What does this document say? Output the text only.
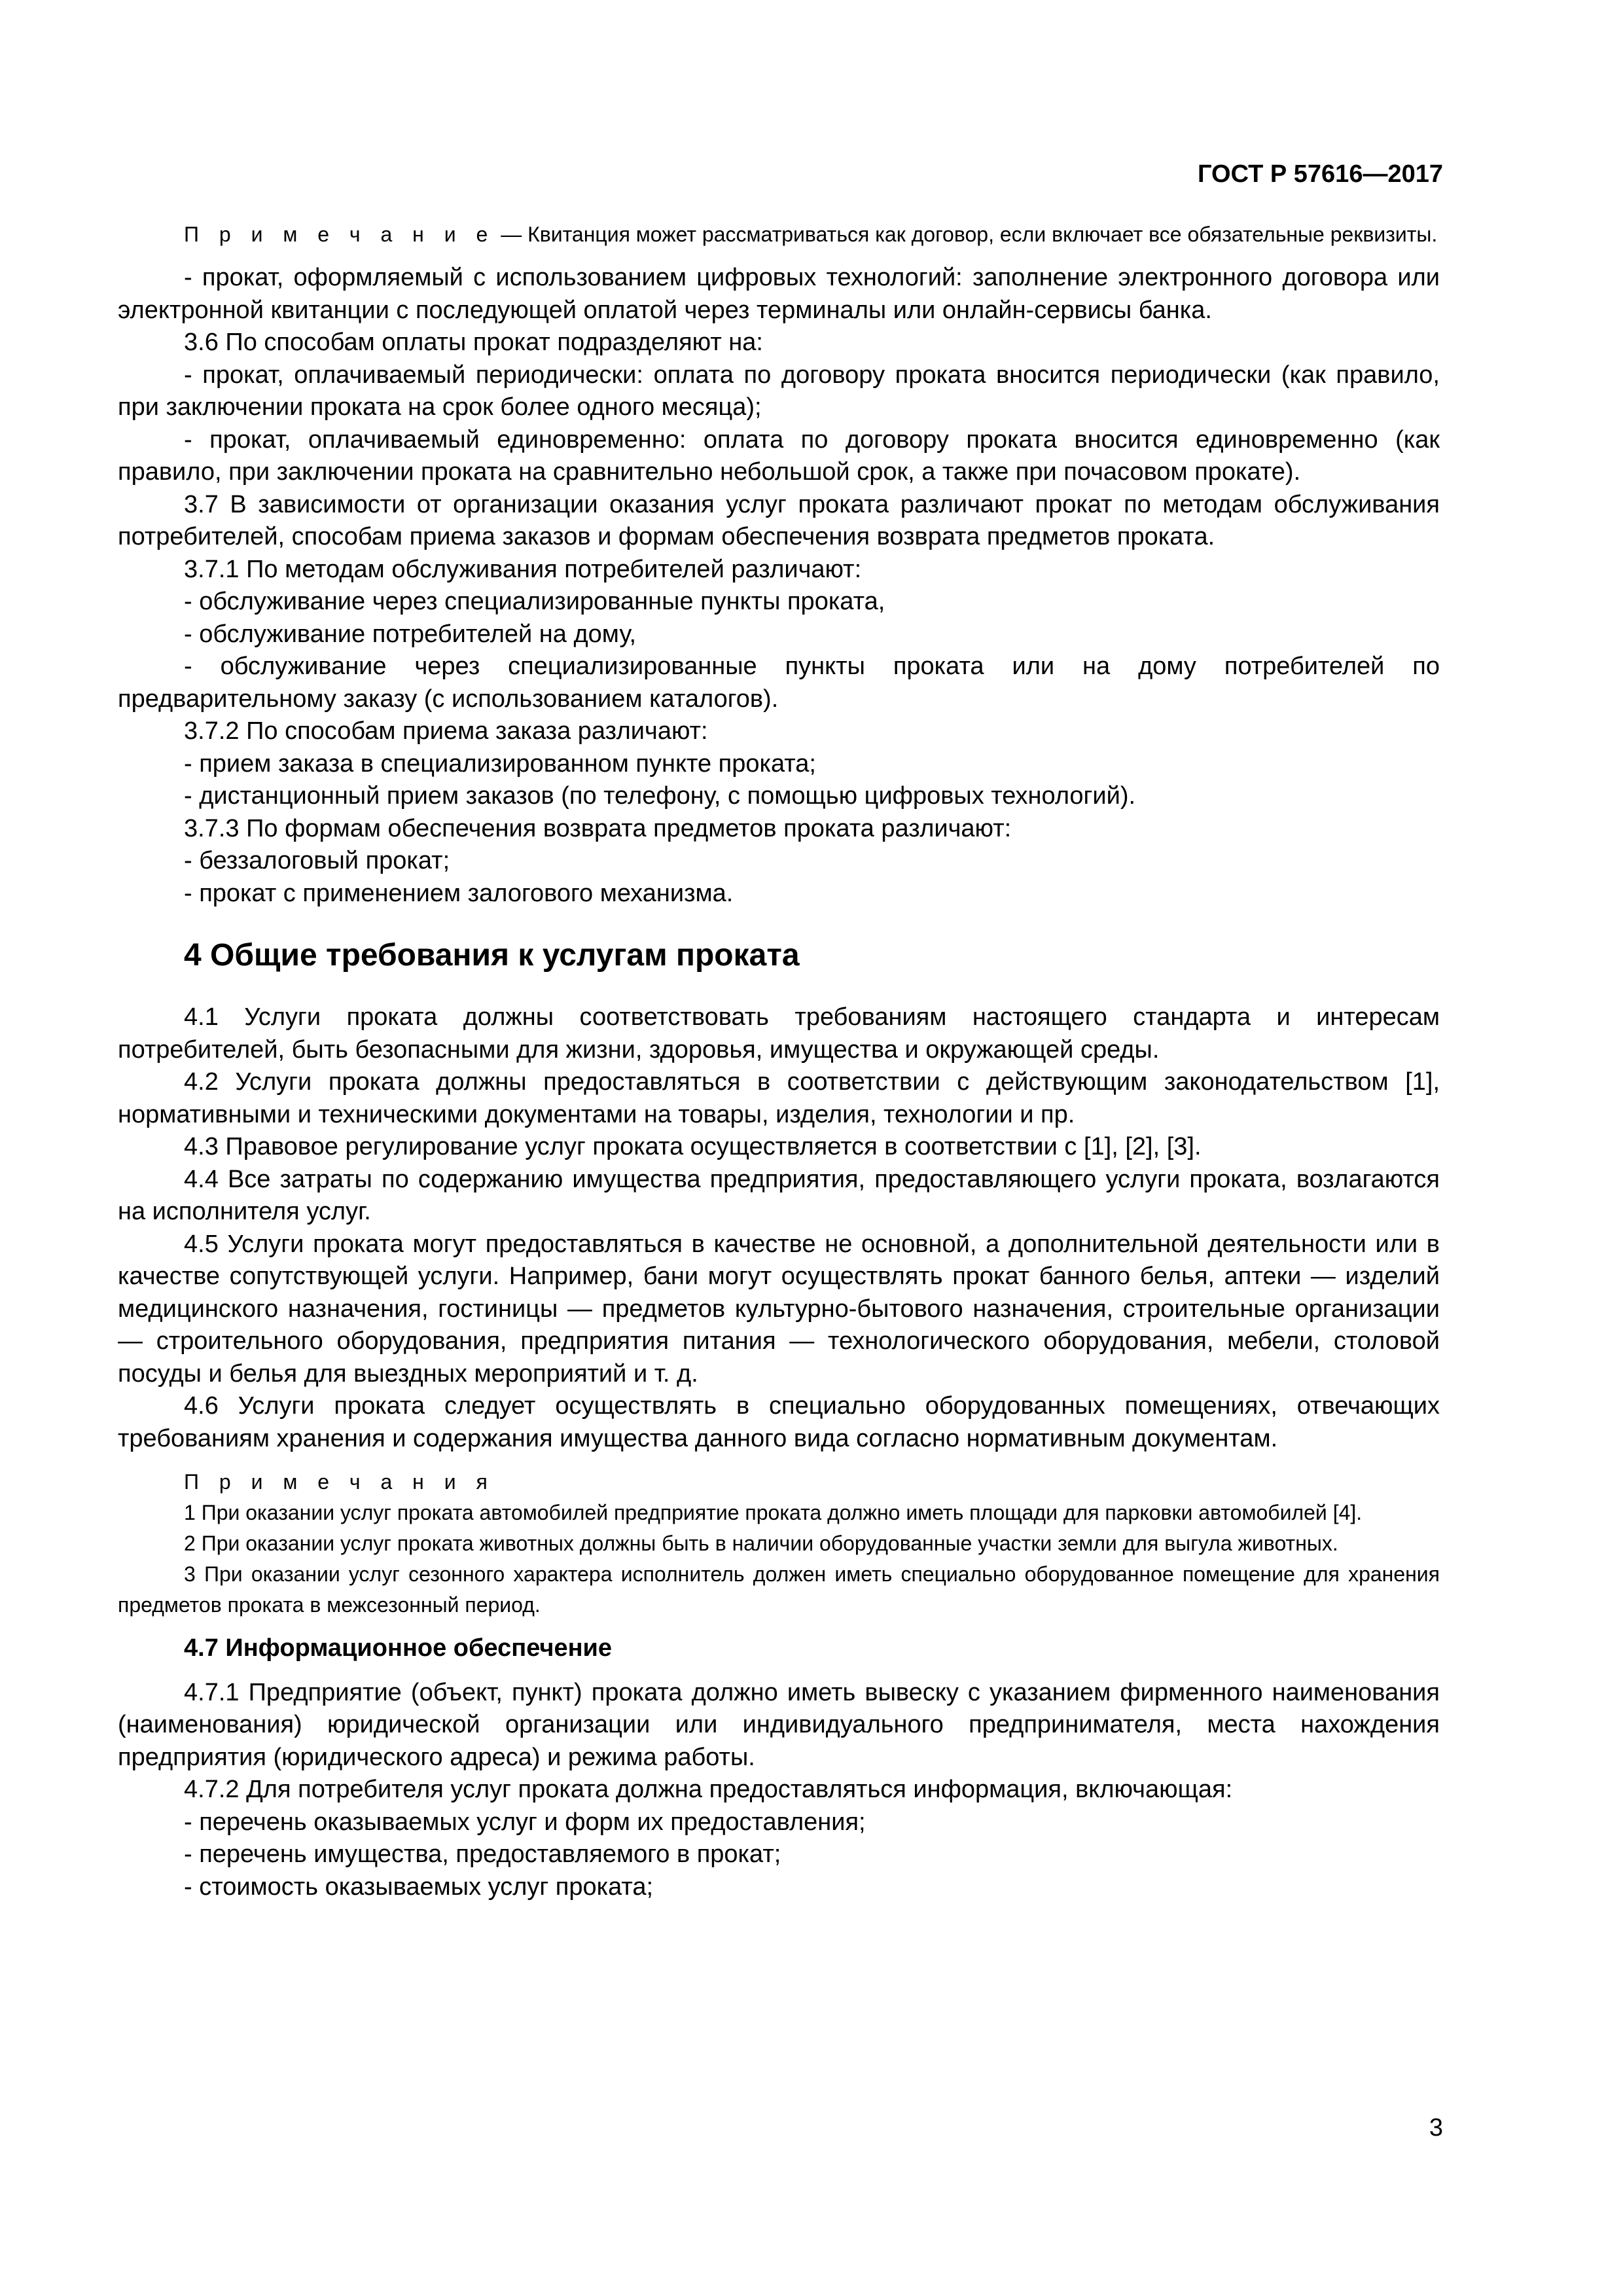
ГОСТ Р 57616—2017

П р и м е ч а н и е — Квитанция может рассматриваться как договор, если включает все обязательные реквизиты.

- прокат, оформляемый с использованием цифровых технологий: заполнение электронного договора или электронной квитанции с последующей оплатой через терминалы или онлайн-сервисы банка.

3.6 По способам оплаты прокат подразделяют на:

- прокат, оплачиваемый периодически: оплата по договору проката вносится периодически (как правило, при заключении проката на срок более одного месяца);

- прокат, оплачиваемый единовременно: оплата по договору проката вносится единовременно (как правило, при заключении проката на сравнительно небольшой срок, а также при почасовом прокате).

3.7 В зависимости от организации оказания услуг проката различают прокат по методам обслуживания потребителей, способам приема заказов и формам обеспечения возврата предметов проката.

3.7.1 По методам обслуживания потребителей различают:

- обслуживание через специализированные пункты проката,

- обслуживание потребителей на дому,

- обслуживание через специализированные пункты проката или на дому потребителей по предварительному заказу (с использованием каталогов).

3.7.2 По способам приема заказа различают:

- прием заказа в специализированном пункте проката;

- дистанционный прием заказов (по телефону, с помощью цифровых технологий).

3.7.3 По формам обеспечения возврата предметов проката различают:

- беззалоговый прокат;

- прокат с применением залогового механизма.

4 Общие требования к услугам проката

4.1 Услуги проката должны соответствовать требованиям настоящего стандарта и интересам потребителей, быть безопасными для жизни, здоровья, имущества и окружающей среды.

4.2 Услуги проката должны предоставляться в соответствии с действующим законодательством [1], нормативными и техническими документами на товары, изделия, технологии и пр.

4.3 Правовое регулирование услуг проката осуществляется в соответствии с [1], [2], [3].

4.4 Все затраты по содержанию имущества предприятия, предоставляющего услуги проката, возлагаются на исполнителя услуг.

4.5 Услуги проката могут предоставляться в качестве не основной, а дополнительной деятельности или в качестве сопутствующей услуги. Например, бани могут осуществлять прокат банного белья, аптеки — изделий медицинского назначения, гостиницы — предметов культурно-бытового назначения, строительные организации — строительного оборудования, предприятия питания — технологического оборудования, мебели, столовой посуды и белья для выездных мероприятий и т. д.

4.6 Услуги проката следует осуществлять в специально оборудованных помещениях, отвечающих требованиям хранения и содержания имущества данного вида согласно нормативным документам.

П р и м е ч а н и я

1 При оказании услуг проката автомобилей предприятие проката должно иметь площади для парковки автомобилей [4].

2 При оказании услуг проката животных должны быть в наличии оборудованные участки земли для выгула животных.

3 При оказании услуг сезонного характера исполнитель должен иметь специально оборудованное помещение для хранения предметов проката в межсезонный период.

4.7 Информационное обеспечение

4.7.1 Предприятие (объект, пункт) проката должно иметь вывеску с указанием фирменного наименования (наименования) юридической организации или индивидуального предпринимателя, места нахождения предприятия (юридического адреса) и режима работы.

4.7.2 Для потребителя услуг проката должна предоставляться информация, включающая:

- перечень оказываемых услуг и форм их предоставления;

- перечень имущества, предоставляемого в прокат;

- стоимость оказываемых услуг проката;

3
